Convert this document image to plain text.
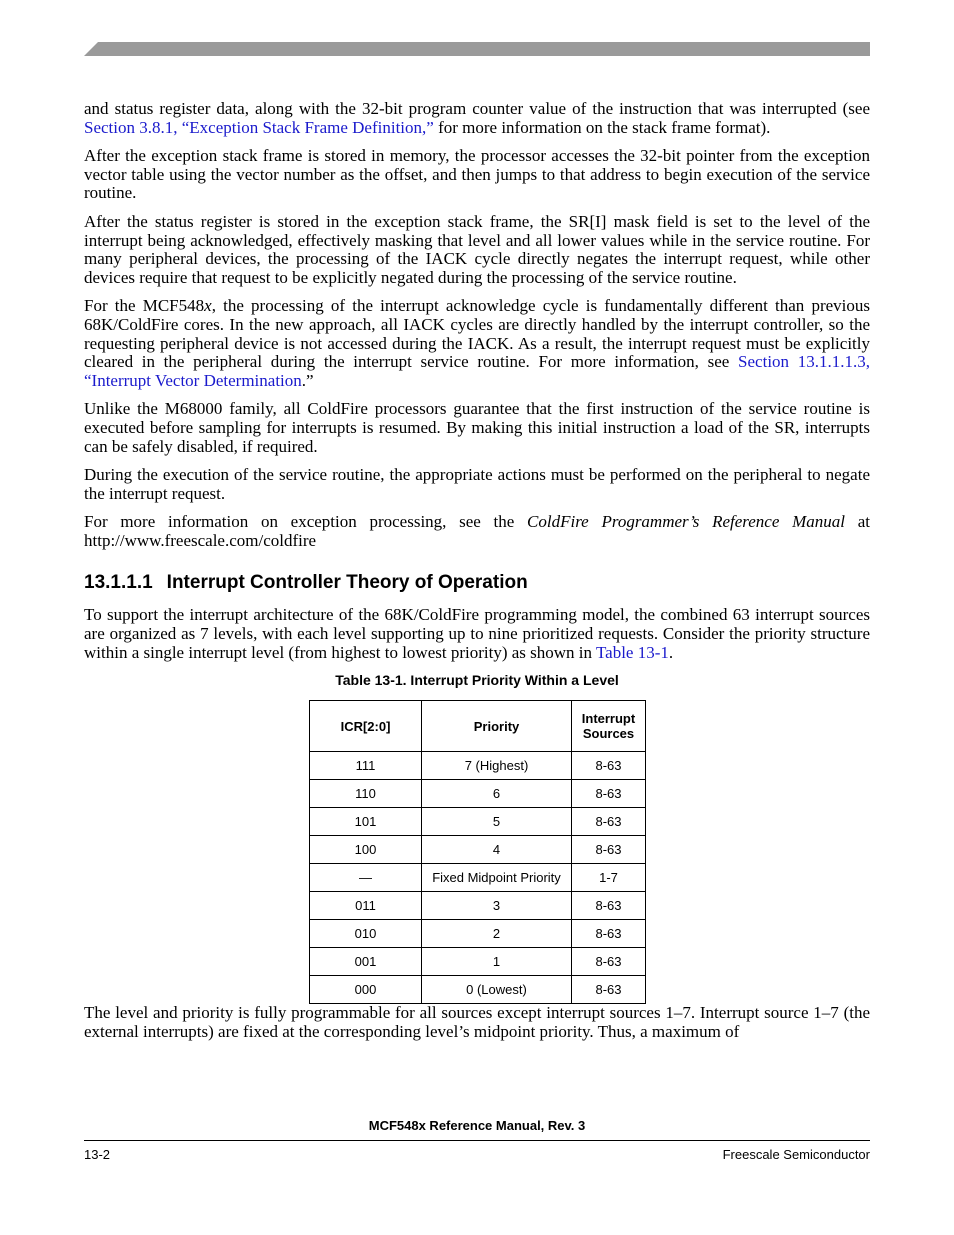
and status register data, along with the 32-bit program counter value of the instruction that was interrupted (see Section 3.8.1, “Exception Stack Frame Definition,” for more information on the stack frame format).

After the exception stack frame is stored in memory, the processor accesses the 32-bit pointer from the exception vector table using the vector number as the offset, and then jumps to that address to begin execution of the service routine.

After the status register is stored in the exception stack frame, the SR[I] mask field is set to the level of the interrupt being acknowledged, effectively masking that level and all lower values while in the service routine. For many peripheral devices, the processing of the IACK cycle directly negates the interrupt request, while other devices require that request to be explicitly negated during the processing of the service routine.

For the MCF548x, the processing of the interrupt acknowledge cycle is fundamentally different than previous 68K/ColdFire cores. In the new approach, all IACK cycles are directly handled by the interrupt controller, so the requesting peripheral device is not accessed during the IACK. As a result, the interrupt request must be explicitly cleared in the peripheral during the interrupt service routine. For more information, see Section 13.1.1.1.3, “Interrupt Vector Determination.”

Unlike the M68000 family, all ColdFire processors guarantee that the first instruction of the service routine is executed before sampling for interrupts is resumed. By making this initial instruction a load of the SR, interrupts can be safely disabled, if required.

During the execution of the service routine, the appropriate actions must be performed on the peripheral to negate the interrupt request.

For more information on exception processing, see the ColdFire Programmer’s Reference Manual at http://www.freescale.com/coldfire

13.1.1.1 Interrupt Controller Theory of Operation

To support the interrupt architecture of the 68K/ColdFire programming model, the combined 63 interrupt sources are organized as 7 levels, with each level supporting up to nine prioritized requests. Consider the priority structure within a single interrupt level (from highest to lowest priority) as shown in Table 13-1.

Table 13-1. Interrupt Priority Within a Level
ICR[2:0]	Priority	Interrupt Sources
111	7 (Highest)	8-63
110	6	8-63
101	5	8-63
100	4	8-63
—	Fixed Midpoint Priority	1-7
011	3	8-63
010	2	8-63
001	1	8-63
000	0 (Lowest)	8-63

The level and priority is fully programmable for all sources except interrupt sources 1–7. Interrupt source 1–7 (the external interrupts) are fixed at the corresponding level’s midpoint priority. Thus, a maximum of

MCF548x Reference Manual, Rev. 3
13-2	Freescale Semiconductor
